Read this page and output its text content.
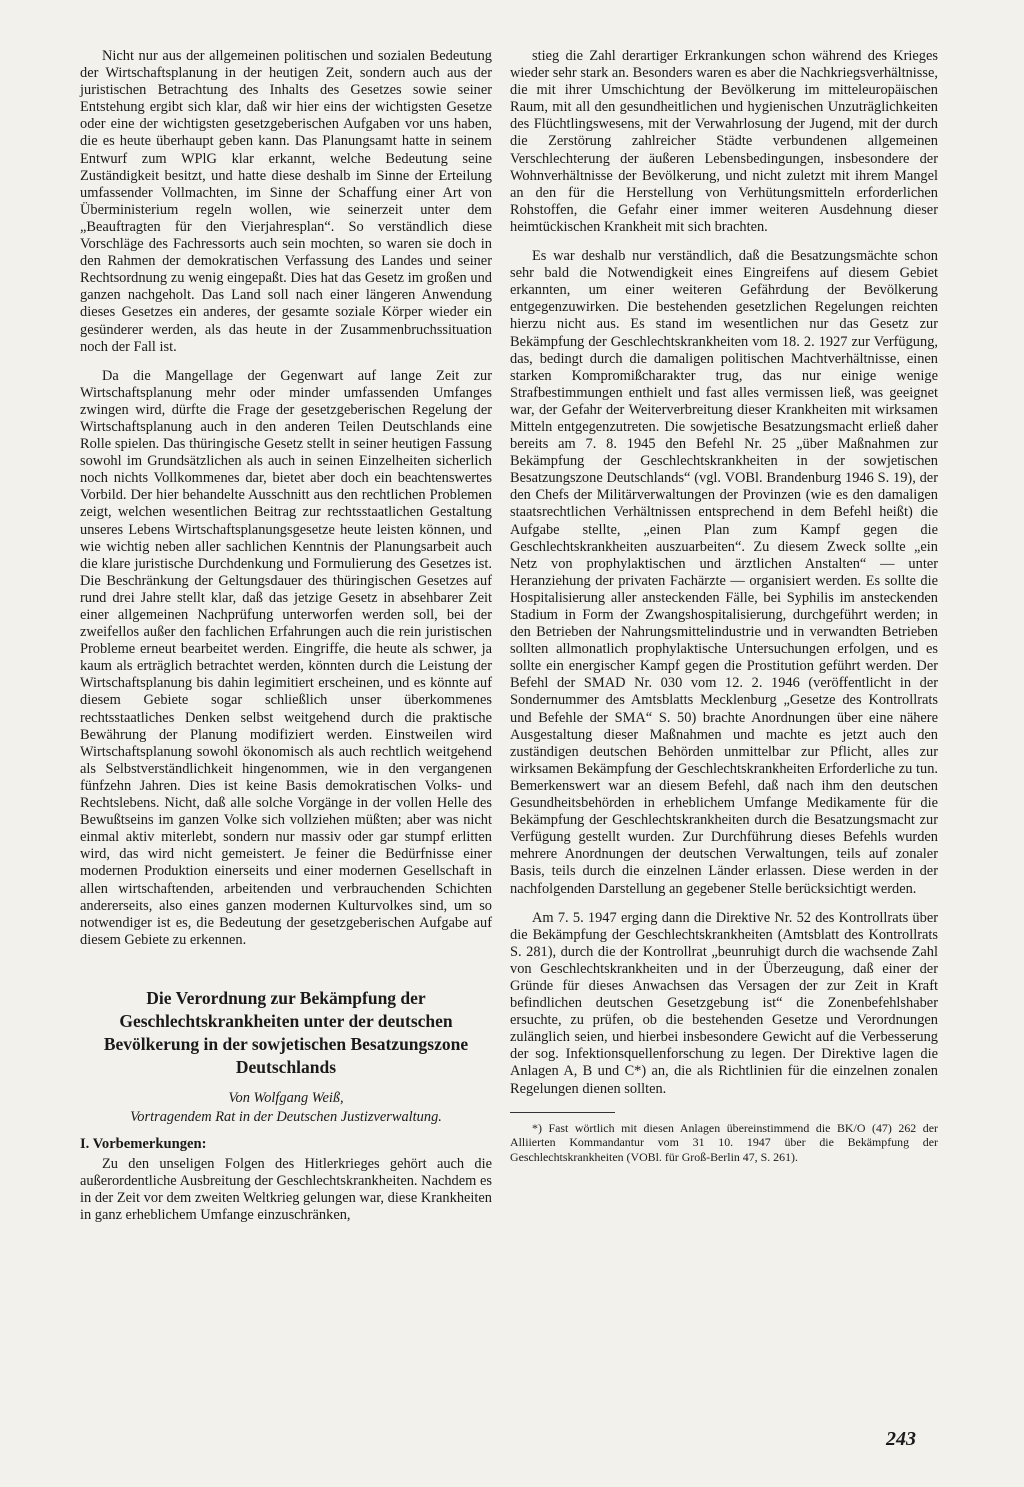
Nicht nur aus der allgemeinen politischen und sozialen Bedeutung der Wirtschaftsplanung in der heutigen Zeit, sondern auch aus der juristischen Betrachtung des Inhalts des Gesetzes sowie seiner Entstehung ergibt sich klar, daß wir hier eins der wichtigsten Gesetze oder eine der wichtigsten gesetzgeberischen Aufgaben vor uns haben, die es heute überhaupt geben kann. Das Planungsamt hatte in seinem Entwurf zum WPlG klar erkannt, welche Bedeutung seine Zuständigkeit besitzt, und hatte diese deshalb im Sinne der Erteilung umfassender Vollmachten, im Sinne der Schaffung einer Art von Überministerium regeln wollen, wie seinerzeit unter dem „Beauftragten für den Vierjahresplan“. So verständlich diese Vorschläge des Fachressorts auch sein mochten, so waren sie doch in den Rahmen der demokratischen Verfassung des Landes und seiner Rechtsordnung zu wenig eingepaßt. Dies hat das Gesetz im großen und ganzen nachgeholt. Das Land soll nach einer längeren Anwendung dieses Gesetzes ein anderes, der gesamte soziale Körper wieder ein gesünderer werden, als das heute in der Zusammenbruchssituation noch der Fall ist.

Da die Mangellage der Gegenwart auf lange Zeit zur Wirtschaftsplanung mehr oder minder umfassenden Umfanges zwingen wird, dürfte die Frage der gesetzgeberischen Regelung der Wirtschaftsplanung auch in den anderen Teilen Deutschlands eine Rolle spielen. Das thüringische Gesetz stellt in seiner heutigen Fassung sowohl im Grundsätzlichen als auch in seinen Einzelheiten sicherlich noch nichts Vollkommenes dar, bietet aber doch ein beachtenswertes Vorbild. Der hier behandelte Ausschnitt aus den rechtlichen Problemen zeigt, welchen wesentlichen Beitrag zur rechtsstaatlichen Gestaltung unseres Lebens Wirtschaftsplanungsgesetze heute leisten können, und wie wichtig neben aller sachlichen Kenntnis der Planungsarbeit auch die klare juristische Durchdenkung und Formulierung des Gesetzes ist. Die Beschränkung der Geltungsdauer des thüringischen Gesetzes auf rund drei Jahre stellt klar, daß das jetzige Gesetz in absehbarer Zeit einer allgemeinen Nachprüfung unterworfen werden soll, bei der zweifellos außer den fachlichen Erfahrungen auch die rein juristischen Probleme erneut bearbeitet werden. Eingriffe, die heute als schwer, ja kaum als erträglich betrachtet werden, könnten durch die Leistung der Wirtschaftsplanung bis dahin legimitiert erscheinen, und es könnte auf diesem Gebiete sogar schließlich unser überkommenes rechtsstaatliches Denken selbst weitgehend durch die praktische Bewährung der Planung modifiziert werden. Einstweilen wird Wirtschaftsplanung sowohl ökonomisch als auch rechtlich weitgehend als Selbstverständlichkeit hingenommen, wie in den vergangenen fünfzehn Jahren. Dies ist keine Basis demokratischen Volks- und Rechtslebens. Nicht, daß alle solche Vorgänge in der vollen Helle des Bewußtseins im ganzen Volke sich vollziehen müßten; aber was nicht einmal aktiv miterlebt, sondern nur massiv oder gar stumpf erlitten wird, das wird nicht gemeistert. Je feiner die Bedürfnisse einer modernen Produktion einerseits und einer modernen Gesellschaft in allen wirtschaftenden, arbeitenden und verbrauchenden Schichten andererseits, also eines ganzen modernen Kulturvolkes sind, um so notwendiger ist es, die Bedeutung der gesetzgeberischen Aufgabe auf diesem Gebiete zu erkennen.

Die Verordnung zur Bekämpfung der Geschlechtskrankheiten unter der deutschen Bevölkerung in der sowjetischen Besatzungszone Deutschlands

Von Wolfgang Weiß,

Vortragendem Rat in der Deutschen Justizverwaltung.

I. Vorbemerkungen:

Zu den unseligen Folgen des Hitlerkrieges gehört auch die außerordentliche Ausbreitung der Geschlechtskrankheiten. Nachdem es in der Zeit vor dem zweiten Weltkrieg gelungen war, diese Krankheiten in ganz erheblichem Umfange einzuschränken,

stieg die Zahl derartiger Erkrankungen schon während des Krieges wieder sehr stark an. Besonders waren es aber die Nachkriegsverhältnisse, die mit ihrer Umschichtung der Bevölkerung im mitteleuropäischen Raum, mit all den gesundheitlichen und hygienischen Unzuträglichkeiten des Flüchtlingswesens, mit der Verwahrlosung der Jugend, mit der durch die Zerstörung zahlreicher Städte verbundenen allgemeinen Verschlechterung der äußeren Lebensbedingungen, insbesondere der Wohnverhältnisse der Bevölkerung, und nicht zuletzt mit ihrem Mangel an den für die Herstellung von Verhütungsmitteln erforderlichen Rohstoffen, die Gefahr einer immer weiteren Ausdehnung dieser heimtückischen Krankheit mit sich brachten.

Es war deshalb nur verständlich, daß die Besatzungsmächte schon sehr bald die Notwendigkeit eines Eingreifens auf diesem Gebiet erkannten, um einer weiteren Gefährdung der Bevölkerung entgegenzuwirken. Die bestehenden gesetzlichen Regelungen reichten hierzu nicht aus. Es stand im wesentlichen nur das Gesetz zur Bekämpfung der Geschlechtskrankheiten vom 18. 2. 1927 zur Verfügung, das, bedingt durch die damaligen politischen Machtverhältnisse, einen starken Kompromißcharakter trug, das nur einige wenige Strafbestimmungen enthielt und fast alles vermissen ließ, was geeignet war, der Gefahr der Weiterverbreitung dieser Krankheiten mit wirksamen Mitteln entgegenzutreten. Die sowjetische Besatzungsmacht erließ daher bereits am 7. 8. 1945 den Befehl Nr. 25 „über Maßnahmen zur Bekämpfung der Geschlechtskrankheiten in der sowjetischen Besatzungszone Deutschlands“ (vgl. VOBl. Brandenburg 1946 S. 19), der den Chefs der Militärverwaltungen der Provinzen (wie es den damaligen staatsrechtlichen Verhältnissen entsprechend in dem Befehl heißt) die Aufgabe stellte, „einen Plan zum Kampf gegen die Geschlechtskrankheiten auszuarbeiten“. Zu diesem Zweck sollte „ein Netz von prophylaktischen und ärztlichen Anstalten“ — unter Heranziehung der privaten Fachärzte — organisiert werden. Es sollte die Hospitalisierung aller ansteckenden Fälle, bei Syphilis im ansteckenden Stadium in Form der Zwangshospitalisierung, durchgeführt werden; in den Betrieben der Nahrungsmittelindustrie und in verwandten Betrieben sollten allmonatlich prophylaktische Untersuchungen erfolgen, und es sollte ein energischer Kampf gegen die Prostitution geführt werden. Der Befehl der SMAD Nr. 030 vom 12. 2. 1946 (veröffentlicht in der Sondernummer des Amtsblatts Mecklenburg „Gesetze des Kontrollrats und Befehle der SMA“ S. 50) brachte Anordnungen über eine nähere Ausgestaltung dieser Maßnahmen und machte es jetzt auch den zuständigen deutschen Behörden unmittelbar zur Pflicht, alles zur wirksamen Bekämpfung der Geschlechtskrankheiten Erforderliche zu tun. Bemerkenswert war an diesem Befehl, daß nach ihm den deutschen Gesundheitsbehörden in erheblichem Umfange Medikamente für die Bekämpfung der Geschlechtskrankheiten durch die Besatzungsmacht zur Verfügung gestellt wurden. Zur Durchführung dieses Befehls wurden mehrere Anordnungen der deutschen Verwaltungen, teils auf zonaler Basis, teils durch die einzelnen Länder erlassen. Diese werden in der nachfolgenden Darstellung an gegebener Stelle berücksichtigt werden.

Am 7. 5. 1947 erging dann die Direktive Nr. 52 des Kontrollrats über die Bekämpfung der Geschlechtskrankheiten (Amtsblatt des Kontrollrats S. 281), durch die der Kontrollrat „beunruhigt durch die wachsende Zahl von Geschlechtskrankheiten und in der Überzeugung, daß einer der Gründe für dieses Anwachsen das Versagen der zur Zeit in Kraft befindlichen deutschen Gesetzgebung ist“ die Zonenbefehlshaber ersuchte, zu prüfen, ob die bestehenden Gesetze und Verordnungen zulänglich seien, und hierbei insbesondere Gewicht auf die Verbesserung der sog. Infektionsquellenforschung zu legen. Der Direktive lagen die Anlagen A, B und C*) an, die als Richtlinien für die einzelnen zonalen Regelungen dienen sollten.

*) Fast wörtlich mit diesen Anlagen übereinstimmend die BK/O (47) 262 der Alliierten Kommandantur vom 31 10. 1947 über die Bekämpfung der Geschlechtskrankheiten (VOBl. für Groß-Berlin 47, S. 261).

243
